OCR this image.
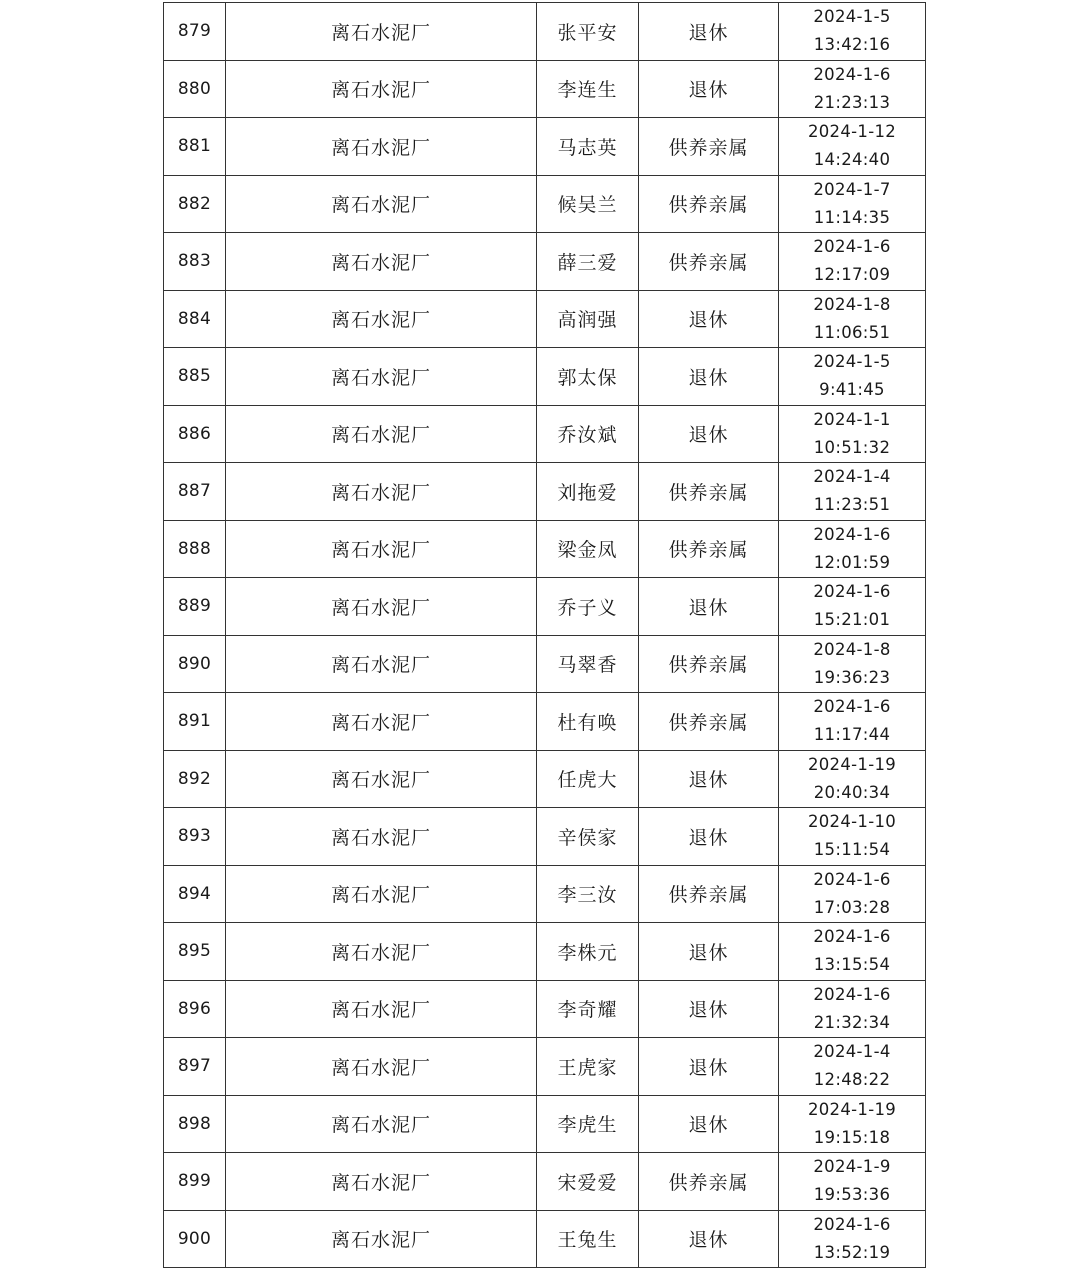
879	离石水泥厂	张平安	退休	2024-1-5
13:42:16

880	离石水泥厂	李连生	退休	2024-1-6
21:23:13

881	离石水泥厂	马志英	供养亲属	2024-1-12
14:24:40

882	离石水泥厂	候吴兰	供养亲属	2024-1-7
11:14:35

883	离石水泥厂	薛三爱	供养亲属	2024-1-6
12:17:09

884	离石水泥厂	高润强	退休	2024-1-8
11:06:51

885	离石水泥厂	郭太保	退休	2024-1-5
9:41:45

886	离石水泥厂	乔汝斌	退休	2024-1-1
10:51:32

887	离石水泥厂	刘拖爱	供养亲属	2024-1-4
11:23:51

888	离石水泥厂	梁金凤	供养亲属	2024-1-6
12:01:59

889	离石水泥厂	乔子义	退休	2024-1-6
15:21:01

890	离石水泥厂	马翠香	供养亲属	2024-1-8
19:36:23

891	离石水泥厂	杜有唤	供养亲属	2024-1-6
11:17:44

892	离石水泥厂	任虎大	退休	2024-1-19
20:40:34

893	离石水泥厂	辛侯家	退休	2024-1-10
15:11:54

894	离石水泥厂	李三汝	供养亲属	2024-1-6
17:03:28

895	离石水泥厂	李株元	退休	2024-1-6
13:15:54

896	离石水泥厂	李奇耀	退休	2024-1-6
21:32:34

897	离石水泥厂	王虎家	退休	2024-1-4
12:48:22

898	离石水泥厂	李虎生	退休	2024-1-19
19:15:18

899	离石水泥厂	宋爱爱	供养亲属	2024-1-9
19:53:36

900	离石水泥厂	王兔生	退休	2024-1-6
13:52:19
